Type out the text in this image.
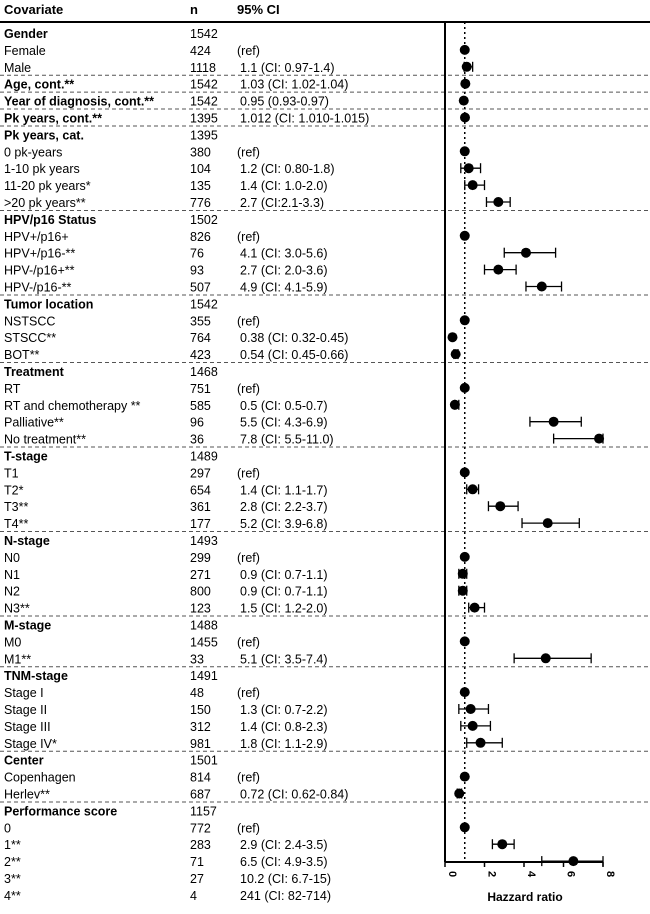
Covariate	n	95% CI
Gender	1542
Female	424 (ref)
Male	1118 1.1 (CI: 0.97-1.4)
Age, cont.**	1542 1.03 (CI: 1.02-1.04)
Year of diagnosis, cont.**	1542 0.95 (0.93-0.97)
Pk years, cont.**	1395 1.012 (CI: 1.010-1.015)
Pk years, cat.	1395
0 pk-years	380 (ref)
1-10 pk years	104 1.2 (CI: 0.80-1.8)
11-20 pk years*	135 1.4 (CI: 1.0-2.0)
>20 pk years**	776 2.7 (CI:2.1-3.3)
HPV/p16 Status	1502
HPV+/p16+	826 (ref)
HPV+/p16-**	76	4.1 (CI: 3.0-5.6)
HPV-/p16+**	93	2.7 (CI: 2.0-3.6)
HPV-/p16-**	507 4.9 (CI: 4.1-5.9)
Tumor location	1542
NSTSCC	355 (ref)
STSCC**	764 0.38 (CI: 0.32-0.45)
BOT**	423 0.54 (CI: 0.45-0.66)
Treatment	1468
RT	751 (ref)
RT and chemotherapy **	585 0.5 (CI: 0.5-0.7)
Palliative**	96	5.5 (CI: 4.3-6.9)
No treatment**	36	7.8 (CI: 5.5-11.0)
T-stage	1489
T1	297 (ref)
T2*	654 1.4 (CI: 1.1-1.7)
T3**	361 2.8 (CI: 2.2-3.7)
T4**	177 5.2 (CI: 3.9-6.8)
N-stage	1493
N0	299 (ref)
N1	271 0.9 (CI: 0.7-1.1)
N2	800 0.9 (CI: 0.7-1.1)
N3**	123 1.5 (CI: 1.2-2.0)
M-stage	1488
M0	1455 (ref)
M1**	33	5.1 (CI: 3.5-7.4)
TNM-stage	1491
Stage I	48	(ref)
Stage II	150 1.3 (CI: 0.7-2.2)
Stage III	312 1.4 (CI: 0.8-2.3)
Stage IV*	981 1.8 (CI: 1.1-2.9)
Center	1501
Copenhagen	814 (ref)
Herlev**	687 0.72 (CI: 0.62-0.84)
Performance score	1157
0	772 (ref)
1**	283 2.9 (CI: 2.4-3.5)
2**	71	6.5 (CI: 4.9-3.5)
3**	27	10.2 (CI: 6.7-15)
4**	4	241 (CI: 82-714)
0	2	4	6	8
Hazzard ratio
